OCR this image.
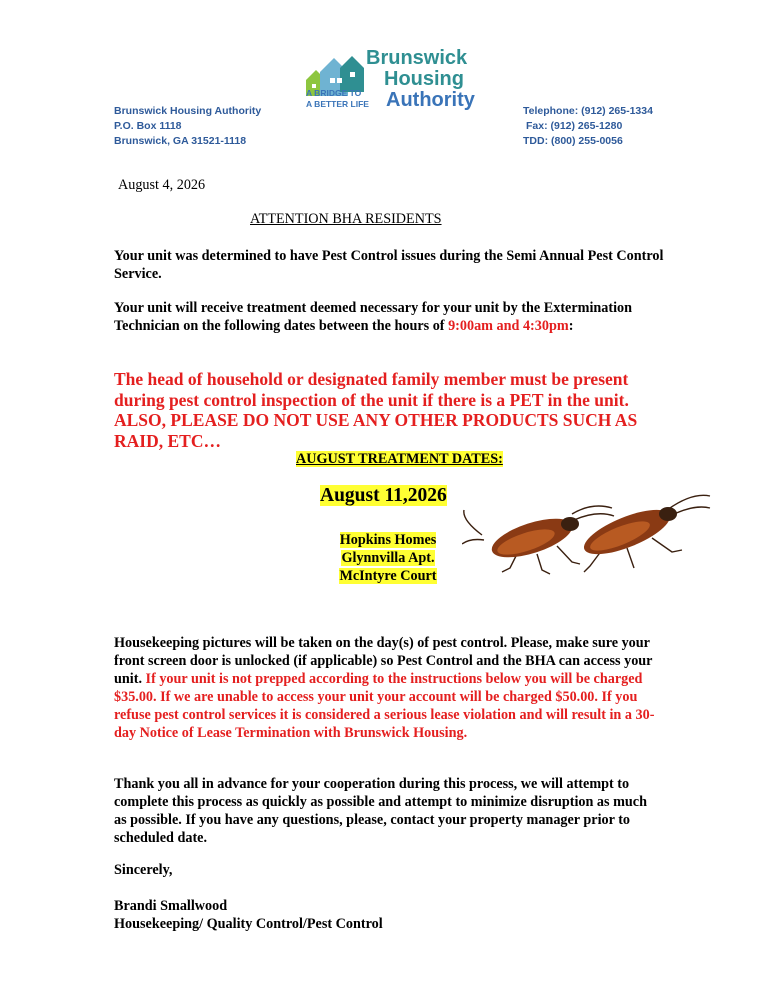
Brunswick
Housing
Authority
A BRIDGE TO
A BETTER LIFE
Brunswick Housing Authority
P.O. Box 1118
Brunswick, GA 31521-1118
Telephone: (912) 265-1334
Fax: (912) 265-1280
TDD: (800) 255-0056
August 4, 2026
ATTENTION BHA RESIDENTS
Your unit was determined to have Pest Control issues during the Semi Annual Pest Control Service.
Your unit will receive treatment deemed necessary for your unit by the Extermination Technician on the following dates between the hours of 9:00am and 4:30pm:
The head of household or designated family member must be present during pest control inspection of the unit if there is a PET in the unit. ALSO, PLEASE DO NOT USE ANY OTHER PRODUCTS SUCH AS RAID, ETC…
AUGUST TREATMENT DATES:
August 11,2026
Hopkins Homes
Glynnvilla Apt.
McIntyre Court
Housekeeping pictures will be taken on the day(s) of pest control. Please, make sure your front screen door is unlocked (if applicable) so Pest Control and the BHA can access your unit. If your unit is not prepped according to the instructions below you will be charged $35.00. If we are unable to access your unit your account will be charged $50.00. If you refuse pest control services it is considered a serious lease violation and will result in a 30-day Notice of Lease Termination with Brunswick Housing.
Thank you all in advance for your cooperation during this process, we will attempt to complete this process as quickly as possible and attempt to minimize disruption as much as possible. If you have any questions, please, contact your property manager prior to scheduled date.
Sincerely,
Brandi Smallwood
Housekeeping/ Quality Control/Pest Control
